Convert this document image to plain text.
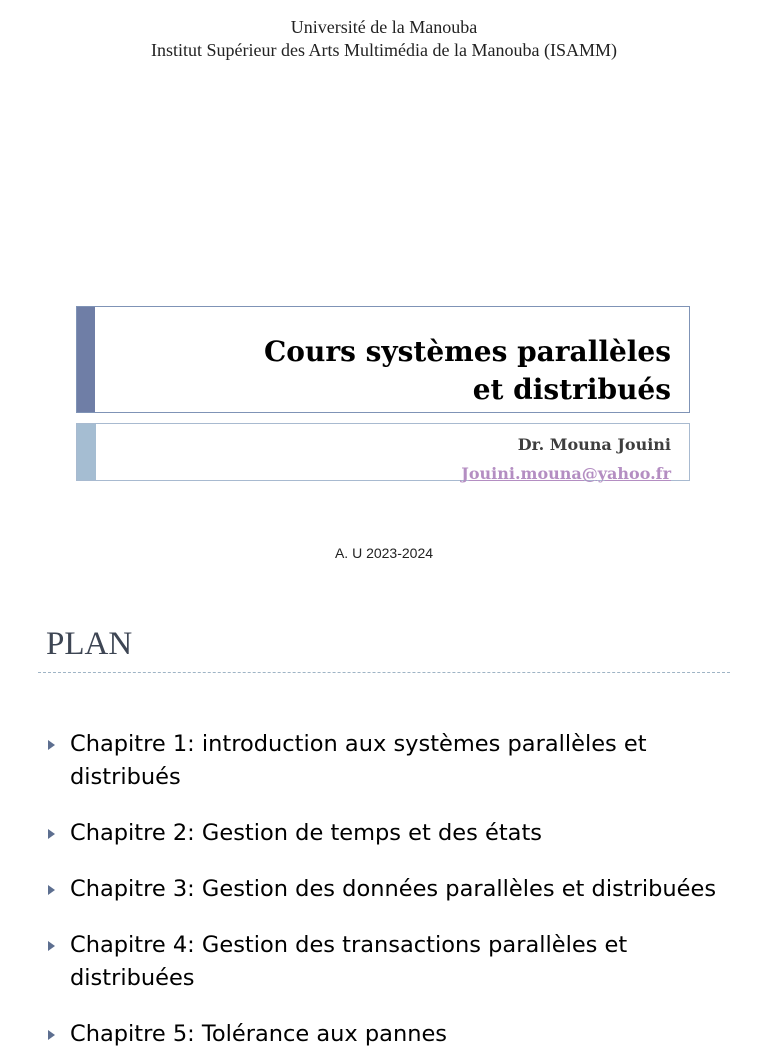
Université de la Manouba
Institut Supérieur des Arts Multimédia de la Manouba (ISAMM)
Cours systèmes parallèles
et distribués
Dr. Mouna Jouini
Jouini.mouna@yahoo.fr
A. U 2023-2024
PLAN
Chapitre 1: introduction aux systèmes parallèles et distribués
Chapitre 2: Gestion de temps et des états
Chapitre 3: Gestion des données parallèles et distribuées
Chapitre 4: Gestion des transactions parallèles et distribuées
Chapitre 5: Tolérance aux pannes
